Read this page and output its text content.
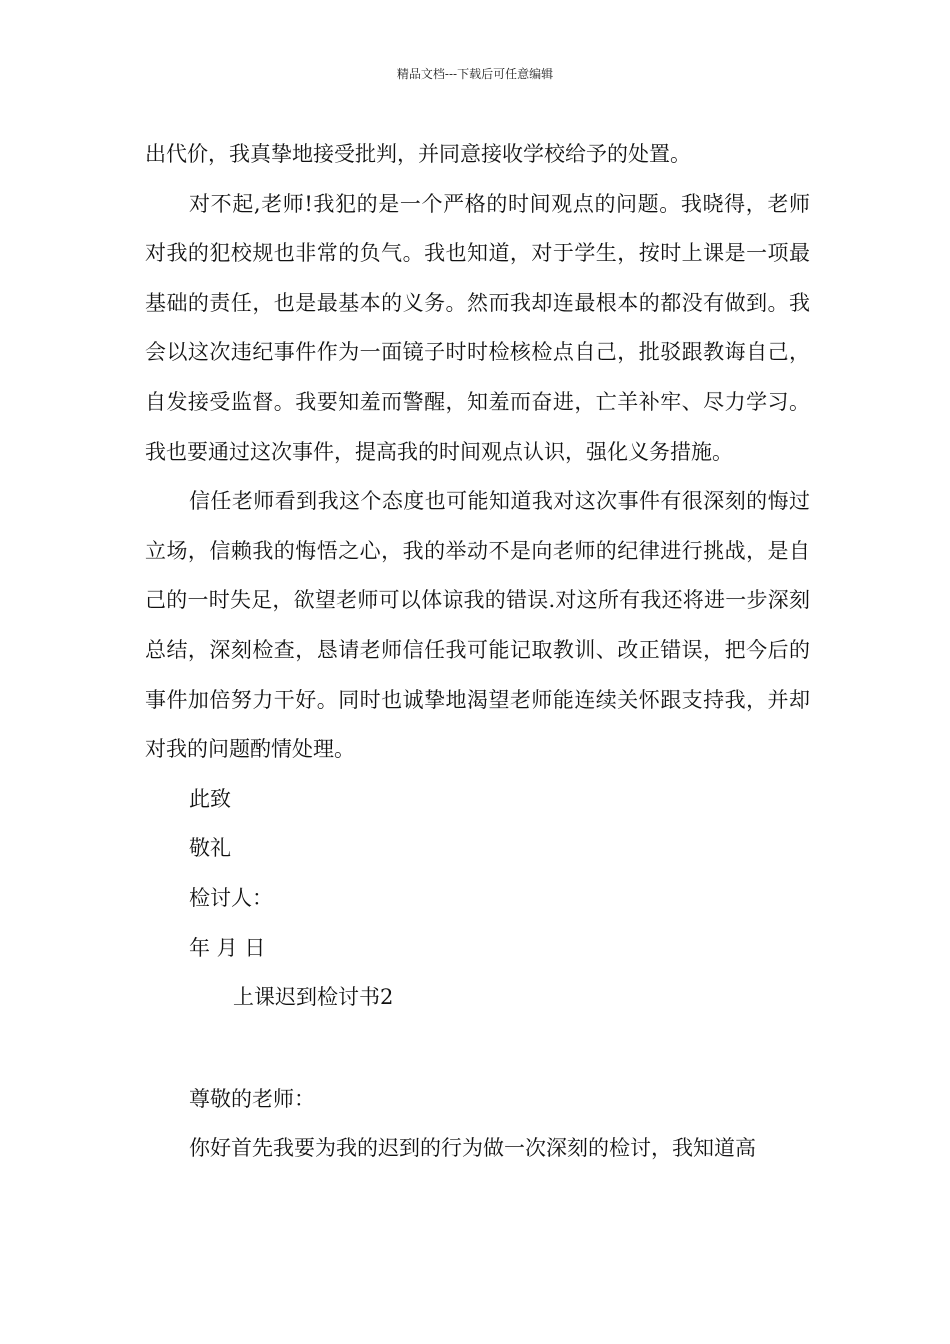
精品文档---下载后可任意编辑

出代价，我真挚地接受批判，并同意接收学校给予的处置。

对不起,老师!我犯的是一个严格的时间观点的问题。我晓得，老师对我的犯校规也非常的负气。我也知道，对于学生，按时上课是一项最基础的责任，也是最基本的义务。然而我却连最根本的都没有做到。我会以这次违纪事件作为一面镜子时时检核检点自己，批驳跟教诲自己，自发接受监督。我要知羞而警醒，知羞而奋进，亡羊补牢、尽力学习。我也要通过这次事件，提高我的时间观点认识，强化义务措施。

信任老师看到我这个态度也可能知道我对这次事件有很深刻的悔过立场，信赖我的悔悟之心，我的举动不是向老师的纪律进行挑战，是自己的一时失足，欲望老师可以体谅我的错误.对这所有我还将进一步深刻总结，深刻检查，恳请老师信任我可能记取教训、改正错误，把今后的事件加倍努力干好。同时也诚挚地渴望老师能连续关怀跟支持我，并却对我的问题酌情处理。

此致

敬礼

检讨人：

年 月 日

上课迟到检讨书2

尊敬的老师：

你好首先我要为我的迟到的行为做一次深刻的检讨，我知道高
